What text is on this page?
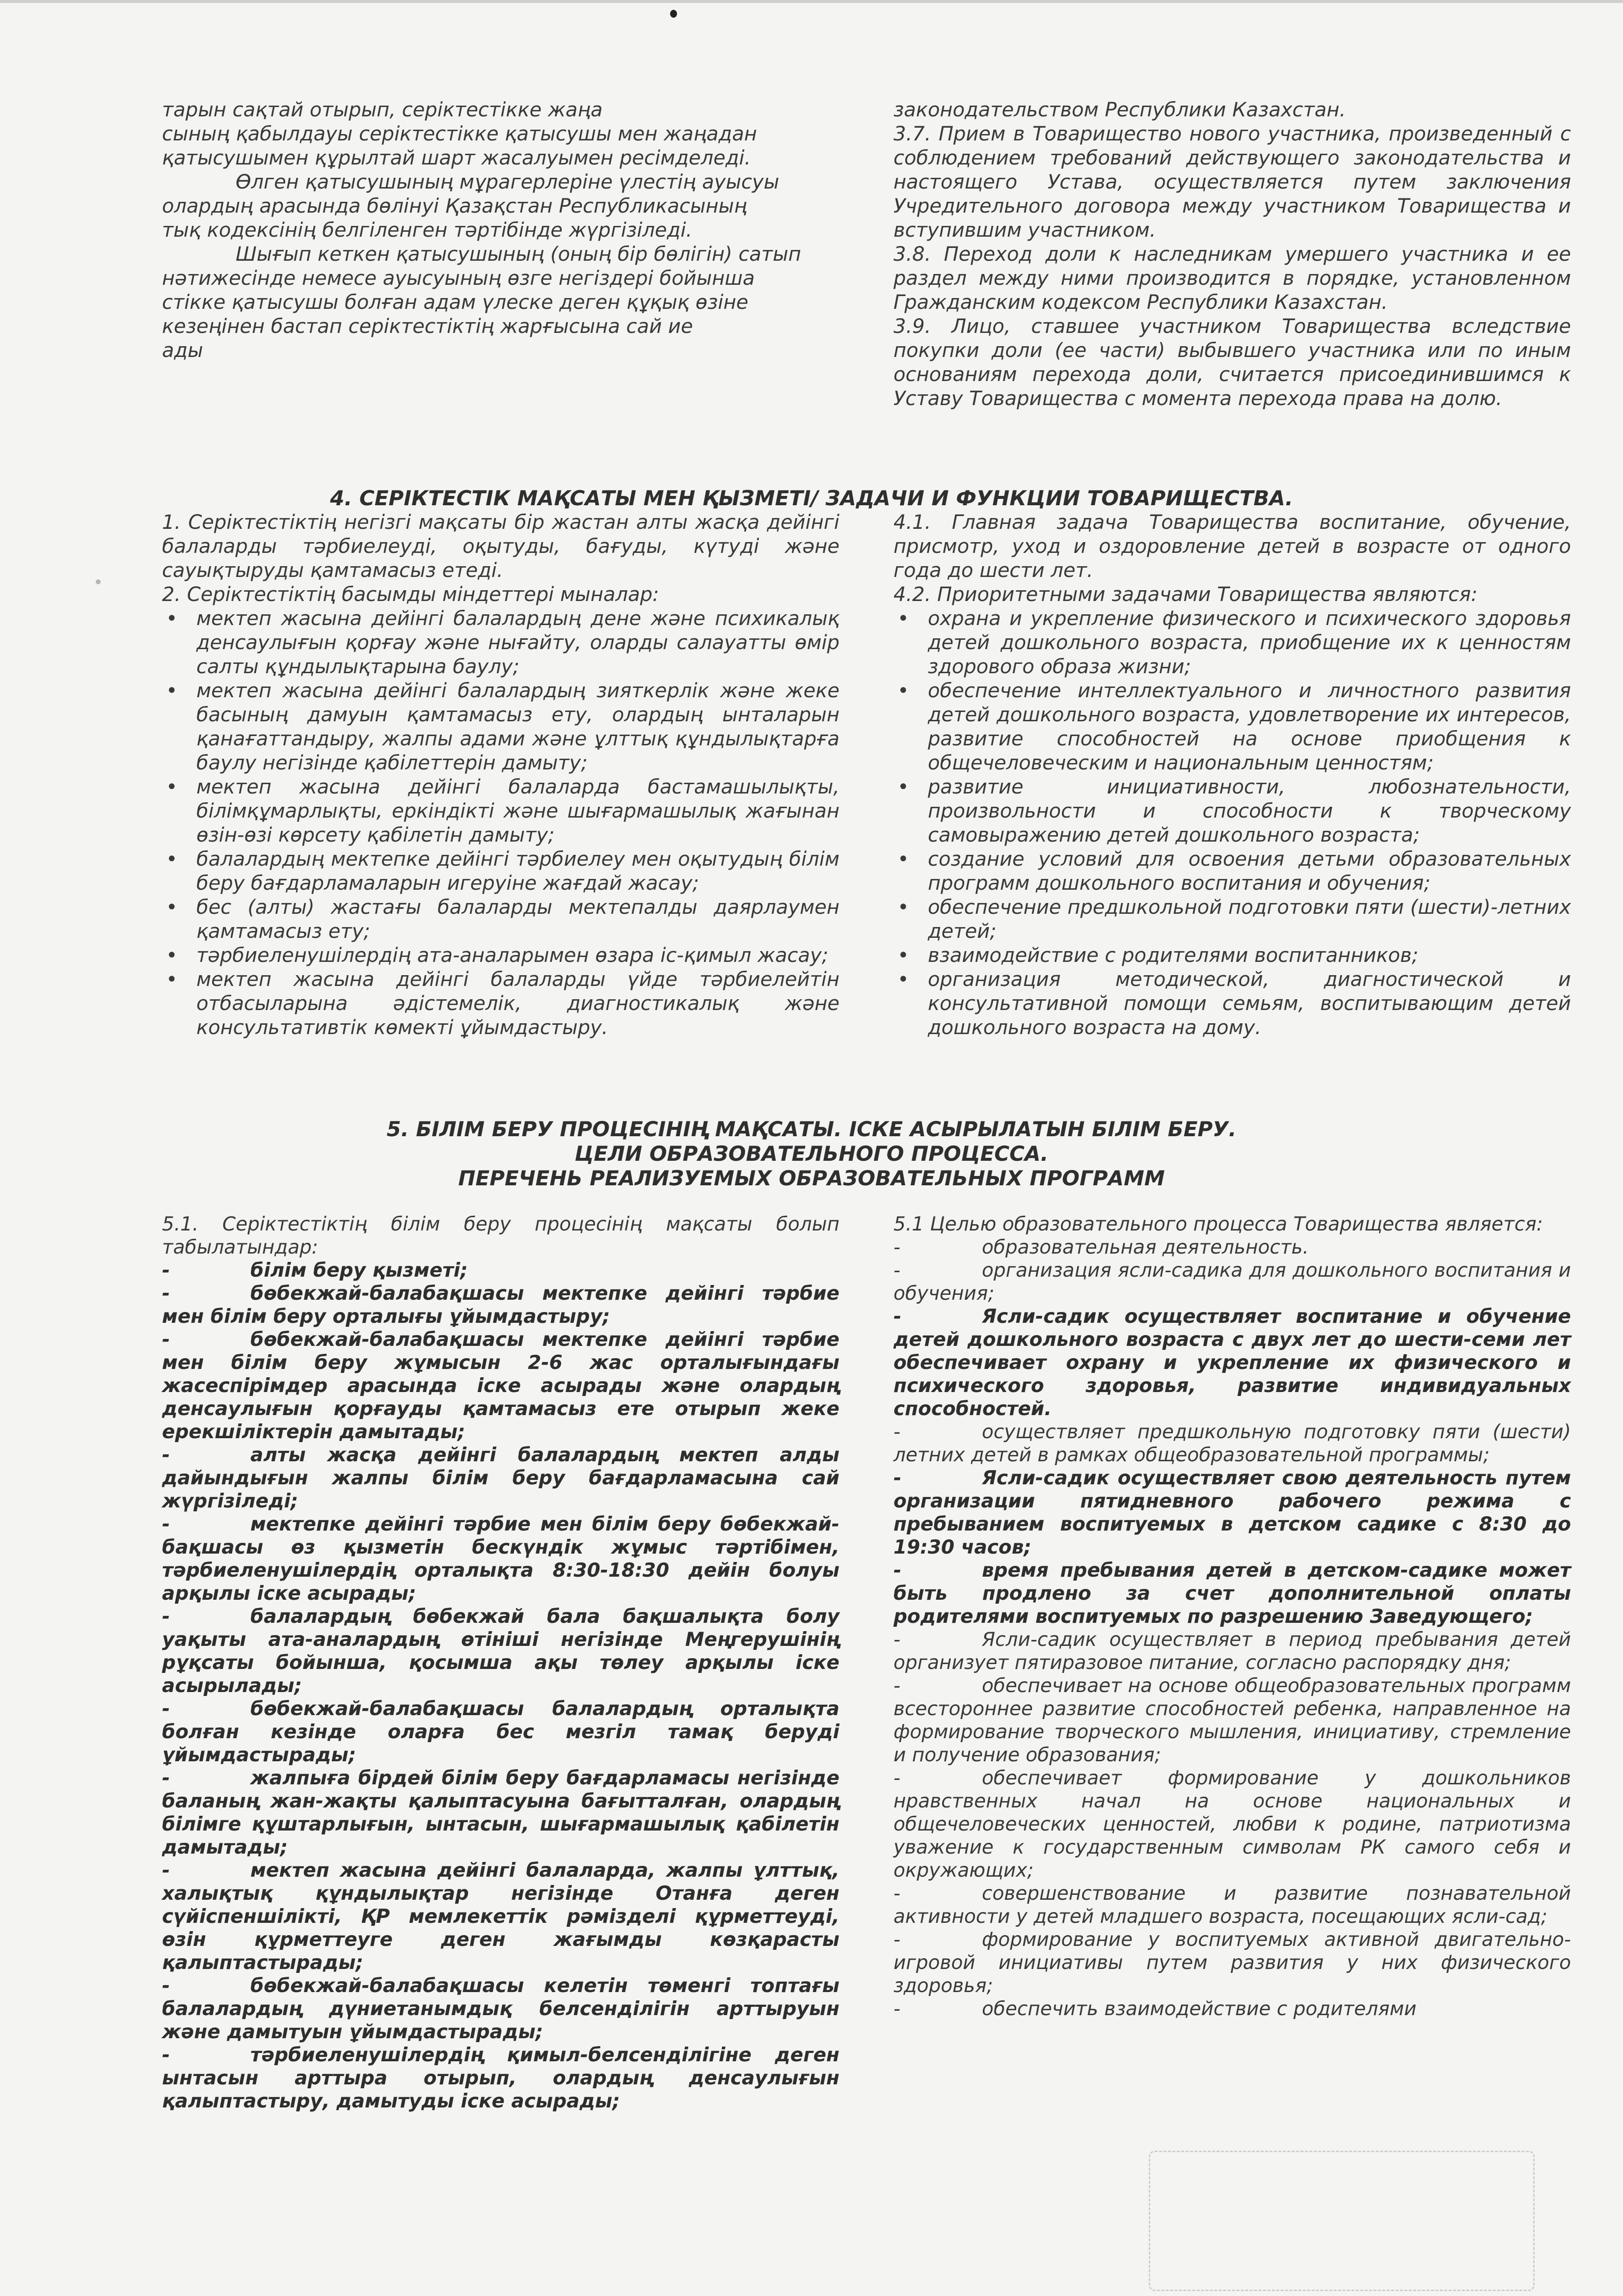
тарын сақтай отырып, серіктестікке жаңа

сының қабылдауы серіктестікке қатысушы мен жаңадан

қатысушымен құрылтай шарт жасалуымен ресімделеді.

Өлген қатысушының мұрагерлеріне үлестің ауысуы

олардың арасында бөлінуі Қазақстан Республикасының

тық кодексінің белгіленген тәртібінде жүргізіледі.

Шығып кеткен қатысушының (оның бір бөлігін) сатып

нәтижесінде немесе ауысуының өзге негіздері бойынша

стікке қатысушы болған адам үлеске деген құқық өзіне

кезеңінен бастап серіктестіктің жарғысына сай ие

ады

законодательством Республики Казахстан.

3.7. Прием в Товарищество нового участника, произведенный с соблюдением требований действующего законодательства и настоящего Устава, осуществляется путем заключения Учредительного договора между участником Товарищества и вступившим участником.

3.8. Переход доли к наследникам умершего участника и ее раздел между ними производится в порядке, установленном Гражданским кодексом Республики Казахстан.

3.9. Лицо, ставшее участником Товарищества вследствие покупки доли (ее части) выбывшего участника или по иным основаниям перехода доли, считается присоединившимся к Уставу Товарищества с момента перехода права на долю.

4. СЕРІКТЕСТІК МАҚСАТЫ МЕН ҚЫЗМЕТІ/ ЗАДАЧИ И ФУНКЦИИ ТОВАРИЩЕСТВА.

1. Серіктестіктің негізгі мақсаты бір жастан алты жасқа дейінгі балаларды тәрбиелеуді, оқытуды, бағуды, күтуді және сауықтыруды қамтамасыз етеді.

2. Серіктестіктің басымды міндеттері мыналар:

• мектеп жасына дейінгі балалардың дене және психикалық денсаулығын қорғау және нығайту, оларды салауатты өмір салты құндылықтарына баулу;

• мектеп жасына дейінгі балалардың зияткерлік және жеке басының дамуын қамтамасыз ету, олардың ынталарын қанағаттандыру, жалпы адами және ұлттық құндылықтарға баулу негізінде қабілеттерін дамыту;

• мектеп жасына дейінгі балаларда бастамашылықты, білімқұмарлықты, еркіндікті және шығармашылық жағынан өзін-өзі көрсету қабілетін дамыту;

• балалардың мектепке дейінгі тәрбиелеу мен оқытудың білім беру бағдарламаларын игеруіне жағдай жасау;

• бес (алты) жастағы балаларды мектепалды даярлаумен қамтамасыз ету;

• тәрбиеленушілердің ата-аналарымен өзара іс-қимыл жасау;

• мектеп жасына дейінгі балаларды үйде тәрбиелейтін отбасыларына әдістемелік, диагностикалық және консультативтік көмекті ұйымдастыру.

4.1. Главная задача Товарищества воспитание, обучение, присмотр, уход и оздоровление детей в возрасте от одного года до шести лет.

4.2. Приоритетными задачами Товарищества являются:

• охрана и укрепление физического и психического здоровья детей дошкольного возраста, приобщение их к ценностям здорового образа жизни;

• обеспечение интеллектуального и личностного развития детей дошкольного возраста, удовлетворение их интересов, развитие способностей на основе приобщения к общечеловеческим и национальным ценностям;

• развитие инициативности, любознательности, произвольности и способности к творческому самовыражению детей дошкольного возраста;

• создание условий для освоения детьми образовательных программ дошкольного воспитания и обучения;

• обеспечение предшкольной подготовки пяти (шести)-летних детей;

• взаимодействие с родителями воспитанников;

• организация методической, диагностической и консультативной помощи семьям, воспитывающим детей дошкольного возраста на дому.

5. БІЛІМ БЕРУ ПРОЦЕСІНІҢ МАҚСАТЫ. ІСКЕ АСЫРЫЛАТЫН БІЛІМ БЕРУ.
ЦЕЛИ ОБРАЗОВАТЕЛЬНОГО ПРОЦЕССА.
ПЕРЕЧЕНЬ РЕАЛИЗУЕМЫХ ОБРАЗОВАТЕЛЬНЫХ ПРОГРАММ

5.1. Серіктестіктің білім беру процесінің мақсаты болып табылатындар:

-	білім беру қызметі;

-	бөбекжай-балабақшасы мектепке дейінгі тәрбие мен білім беру орталығы ұйымдастыру;

-	бөбекжай-балабақшасы мектепке дейінгі тәрбие мен білім беру жұмысын 2-6 жас орталығындағы жасеспірімдер арасында іске асырады және олардың денсаулығын қорғауды қамтамасыз ете отырып жеке ерекшіліктерін дамытады;

-	алты жасқа дейінгі балалардың мектеп алды дайындығын жалпы білім беру бағдарламасына сай жүргізіледі;

-	мектепке дейінгі тәрбие мен білім беру бөбекжай-бақшасы өз қызметін бескүндік жұмыс тәртібімен, тәрбиеленушілердің орталықта 8:30-18:30 дейін болуы арқылы іске асырады;

-	балалардың бөбекжай бала бақшалықта болу уақыты ата-аналардың өтініші негізінде Меңгерушінің рұқсаты бойынша, қосымша ақы төлеу арқылы іске асырылады;

-	бөбекжай-балабақшасы балалардың орталықта болған кезінде оларға бес мезгіл тамақ беруді ұйымдастырады;

-	жалпыға бірдей білім беру бағдарламасы негізінде баланың жан-жақты қалыптасуына бағытталған, олардың білімге құштарлығын, ынтасын, шығармашылық қабілетін дамытады;

-	мектеп жасына дейінгі балаларда, жалпы ұлттық, халықтық құндылықтар негізінде Отанға деген сүйіспеншілікті, ҚР мемлекеттік рәмізделі құрметтеуді, өзін құрметтеуге деген жағымды көзқарасты қалыптастырады;

-	бөбекжай-балабақшасы келетін төменгі топтағы балалардың дүниетанымдық белсенділігін арттыруын және дамытуын ұйымдастырады;

-	тәрбиеленушілердің қимыл-белсенділігіне деген ынтасын арттыра отырып, олардың денсаулығын қалыптастыру, дамытуды іске асырады;

5.1 Целью образовательного процесса Товарищества является:

-	образовательная деятельность.

-	организация ясли-садика для дошкольного воспитания и обучения;

-	Ясли-садик осуществляет воспитание и обучение детей дошкольного возраста с двух лет до шести-семи лет обеспечивает охрану и укрепление их физического и психического здоровья, развитие индивидуальных способностей.

-	осуществляет предшкольную подготовку пяти (шести) летних детей в рамках общеобразовательной программы;

-	Ясли-садик осуществляет свою деятельность путем организации пятидневного рабочего режима с пребыванием воспитуемых в детском садике с 8:30 до 19:30 часов;

-	время пребывания детей в детском-садике может быть продлено за счет дополнительной оплаты родителями воспитуемых по разрешению Заведующего;

-	Ясли-садик осуществляет в период пребывания детей организует пятиразовое питание, согласно распорядку дня;

-	обеспечивает на основе общеобразовательных программ всестороннее развитие способностей ребенка, направленное на формирование творческого мышления, инициативу, стремление и получение образования;

-	обеспечивает формирование у дошкольников нравственных начал на основе национальных и общечеловеческих ценностей, любви к родине, патриотизма уважение к государственным символам РК самого себя и окружающих;

-	совершенствование и развитие познавательной активности у детей младшего возраста, посещающих ясли-сад;

-	формирование у воспитуемых активной двигательно-игровой инициативы путем развития у них физического здоровья;

-	обеспечить взаимодействие с родителями
